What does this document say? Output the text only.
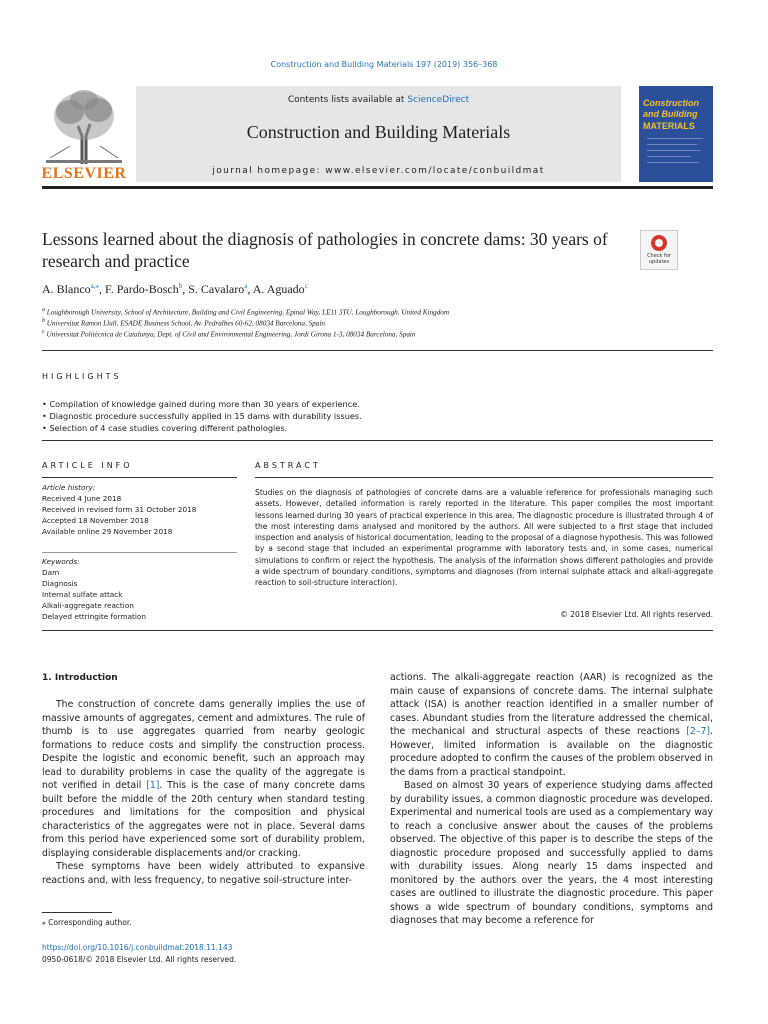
Construction and Building Materials 197 (2019) 356–368
ELSEVIER
Contents lists available at ScienceDirect
Construction and Building Materials
journal homepage: www.elsevier.com/locate/conbuildmat
Construction
and Building
MATERIALS
Lessons learned about the diagnosis of pathologies in concrete dams: 30 years of research and practice	Check for updates
A. Blanco$^{a,⁎}$, F. Pardo-Bosch$^b$, S. Cavalaro$^a$, A. Aguado$^c$
$^a$ Loughborough University, School of Architecture, Building and Civil Engineering, Epinal Way, LE11 3TU, Loughborough, United Kingdom
$^b$ Universitat Ramon Llull, ESADE Business School, Av. Pedralbes 60-62, 08034 Barcelona, Spain
$^c$ Universitat Politècnica de Catalunya, Dept. of Civil and Environmental Engineering, Jordi Girona 1-3, 08034 Barcelona, Spain
HIGHLIGHTS
• Compilation of knowledge gained during more than 30 years of experience.
• Diagnostic procedure successfully applied in 15 dams with durability issues.
• Selection of 4 case studies covering different pathologies.
ARTICLE INFO
Article history:
Received 4 June 2018
Received in revised form 31 October 2018
Accepted 18 November 2018
Available online 29 November 2018
Keywords:
Dam
Diagnosis
Internal sulfate attack
Alkali-aggregate reaction
Delayed ettringite formation
ABSTRACT
Studies on the diagnosis of pathologies of concrete dams are a valuable reference for professionals managing such assets. However, detailed information is rarely reported in the literature. This paper compiles the most important lessons learned during 30 years of practical experience in this area. The diagnostic procedure is illustrated through 4 of the most interesting dams analysed and monitored by the authors. All were subjected to a first stage that included inspection and analysis of historical documentation, leading to the proposal of a diagnose hypothesis. This was followed by a second stage that included an experimental programme with laboratory tests and, in some cases, numerical simulations to confirm or reject the hypothesis. The analysis of the information shows different pathologies and provide a wide spectrum of boundary conditions, symptoms and diagnoses (from internal sulphate attack and alkali-aggregate reaction to soil-structure interaction).
© 2018 Elsevier Ltd. All rights reserved.
1. Introduction

The construction of concrete dams generally implies the use of massive amounts of aggregates, cement and admixtures. The rule of thumb is to use aggregates quarried from nearby geologic formations to reduce costs and simplify the construction process. Despite the logistic and economic benefit, such an approach may lead to durability problems in case the quality of the aggregate is not verified in detail [1]. This is the case of many concrete dams built before the middle of the 20th century when standard testing procedures and limitations for the composition and physical characteristics of the aggregates were not in place. Several dams from this period have experienced some sort of durability problem, displaying considerable displacements and/or cracking.

These symptoms have been widely attributed to expansive reactions and, with less frequency, to negative soil-structure inter-

actions. The alkali-aggregate reaction (AAR) is recognized as the main cause of expansions of concrete dams. The internal sulphate attack (ISA) is another reaction identified in a smaller number of cases. Abundant studies from the literature addressed the chemical, the mechanical and structural aspects of these reactions [2–7]. However, limited information is available on the diagnostic procedure adopted to confirm the causes of the problem observed in the dams from a practical standpoint.

Based on almost 30 years of experience studying dams affected by durability issues, a common diagnostic procedure was developed. Experimental and numerical tools are used as a complementary way to reach a conclusive answer about the causes of the problems observed. The objective of this paper is to describe the steps of the diagnostic procedure proposed and successfully applied to dams with durability issues. Along nearly 15 dams inspected and monitored by the authors over the years, the 4 most interesting cases are outlined to illustrate the diagnostic procedure. This paper shows a wide spectrum of boundary conditions, symptoms and diagnoses that may become a reference for

⁎ Corresponding author.
https://doi.org/10.1016/j.conbuildmat.2018.11.143
0950-0618/© 2018 Elsevier Ltd. All rights reserved.
